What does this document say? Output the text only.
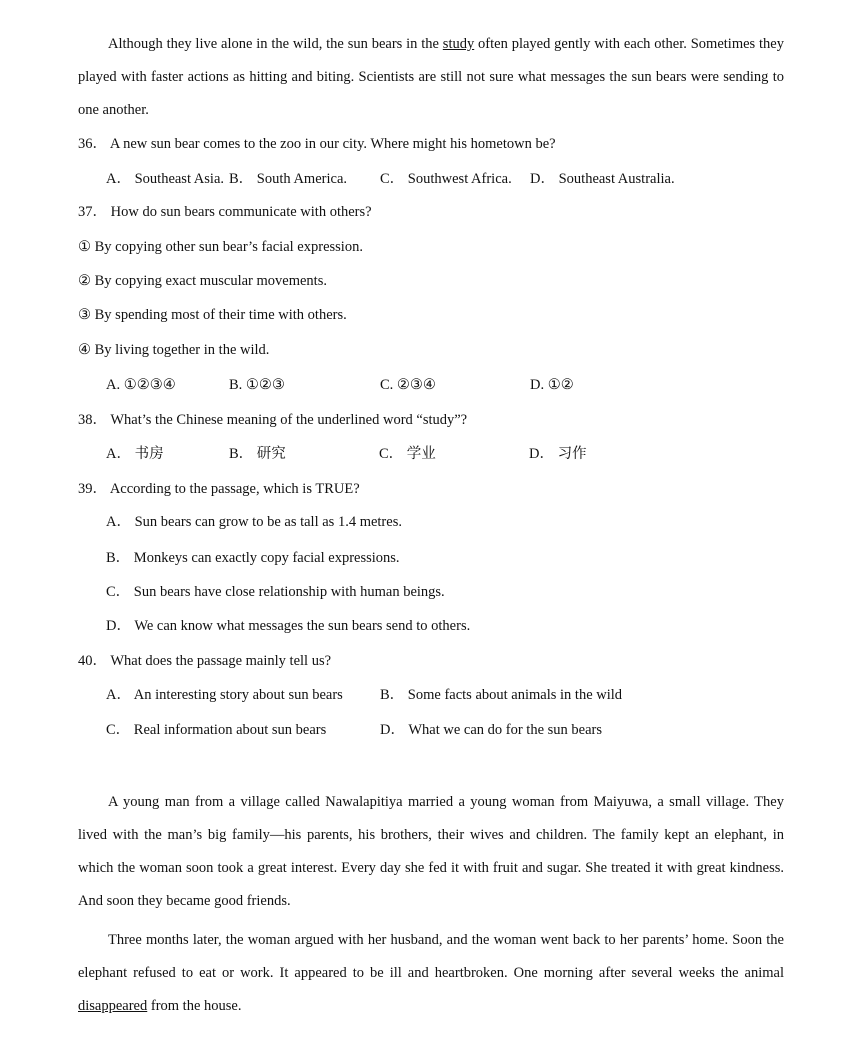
Although they live alone in the wild, the sun bears in the study often played gently with each other. Sometimes they played with faster actions as hitting and biting. Scientists are still not sure what messages the sun bears were sending to one another.
36． A new sun bear comes to the zoo in our city. Where might his hometown be?
A． Southeast Asia. B． South America. C． Southwest Africa. D． Southeast Australia.
37． How do sun bears communicate with others?
① By copying other sun bear’s facial expression.
② By copying exact muscular movements.
③ By spending most of their time with others.
④ By living together in the wild.
A. ①②③④	B. ①②③	C. ②③④	D. ①②
38． What’s the Chinese meaning of the underlined word “study”?
A． 书房	B． 研究	C． 学业	D． 习作
39． According to the passage, which is TRUE?
A． Sun bears can grow to be as tall as 1.4 metres.
B． Monkeys can exactly copy facial expressions.
C． Sun bears have close relationship with human beings.
D． We can know what messages the sun bears send to others.
40． What does the passage mainly tell us?
A． An interesting story about sun bears	B． Some facts about animals in the wild
C． Real information about sun bears	D． What we can do for the sun bears
A young man from a village called Nawalapitiya married a young woman from Maiyuwa, a small village. They lived with the man’s big family—his parents, his brothers, their wives and children. The family kept an elephant, in which the woman soon took a great interest. Every day she fed it with fruit and sugar. She treated it with great kindness. And soon they became good friends.
Three months later, the woman argued with her husband, and the woman went back to her parents’ home. Soon the elephant refused to eat or work. It appeared to be ill and heartbroken. One morning after several weeks the animal disappeared from the house.
